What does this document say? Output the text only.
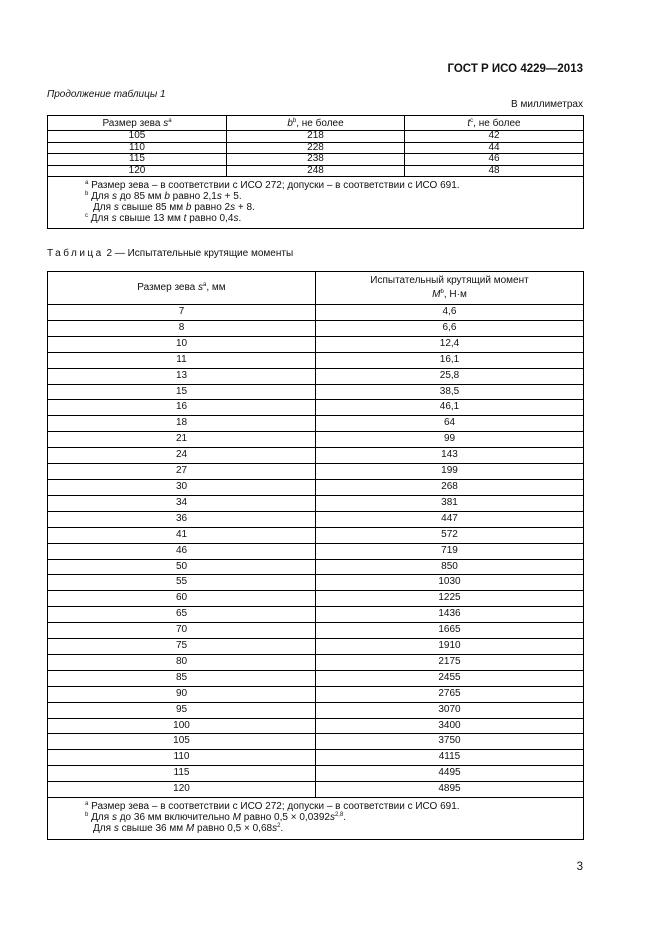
ГОСТ Р ИСО 4229—2013
Продолжение таблицы 1
В миллиметрах
Размер зева $s^a$	$b^b$, не более	$t^c$, не более
105	218	42
110	228	44
115	238	46
120	248	48

$^a$ Размер зева – в соответствии с ИСО 272; допуски – в соответствии с ИСО 691.
$^b$ Для s до 85 мм b равно 2,1s + 5.
Для s свыше 85 мм b равно 2s + 8.
$^c$ Для s свыше 13 мм t равно 0,4s.		
Таблица 2 — Испытательные крутящие моменты
Размер зева $s^a$, мм	Испытательный крутящий момент
$M^b$, Н·м
7	4,6
8	6,6
10	12,4
11	16,1
13	25,8
15	38,5
16	46,1
18	64
21	99
24	143
27	199
30	268
34	381
36	447
41	572
46	719
50	850
55	1030
60	1225
65	1436
70	1665
75	1910
80	2175
85	2455
90	2765
95	3070
100	3400
105	3750
110	4115
115	4495
120	4895

$^a$ Размер зева – в соответствии с ИСО 272; допуски – в соответствии с ИСО 691.
$^b$ Для s до 36 мм включительно M равно $0,5 \times 0,0392s^{2,8}$.
Для s свыше 36 мм M равно $0,5 \times 0,68s^2$.	
3
